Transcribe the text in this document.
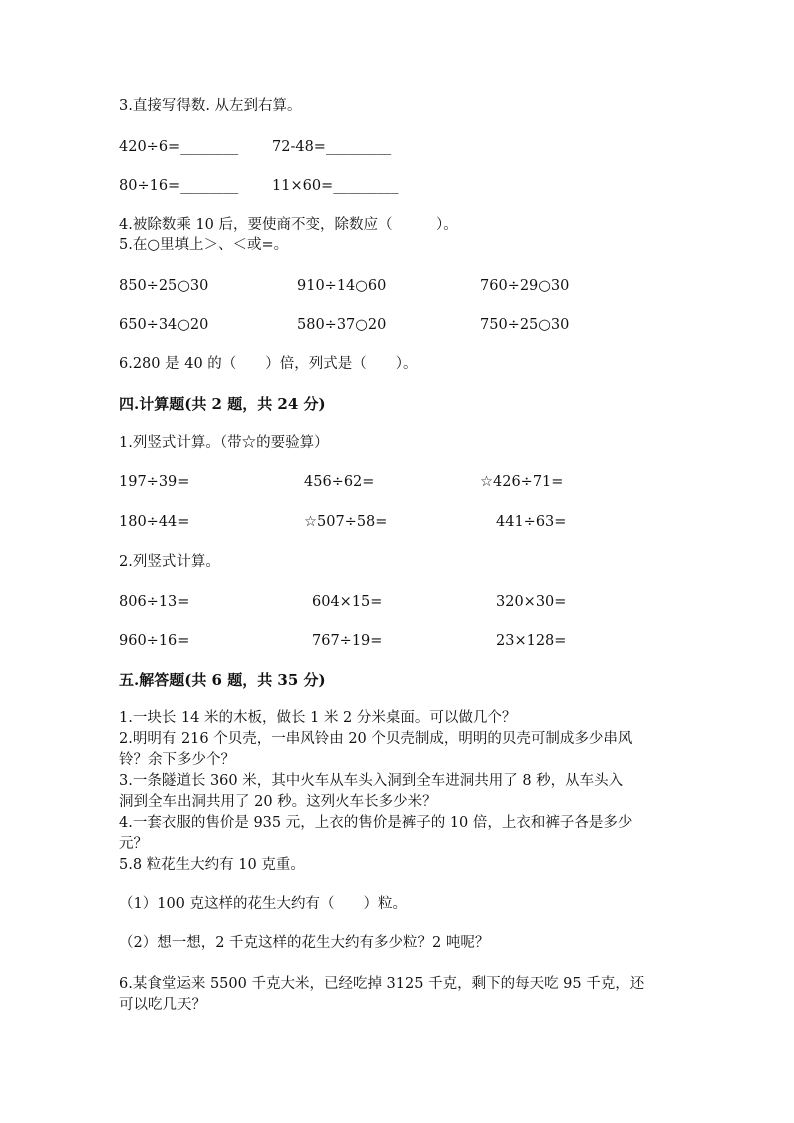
3.直接写得数. 从左到右算。
420÷6=________ 72-48=_________
80÷16=________ 11×60=_________
4.被除数乘 10 后，要使商不变，除数应（　　　）。
5.在○里填上＞、＜或=。
850÷25○30	910÷14○60	760÷29○30
650÷34○20	580÷37○20	750÷25○30
6.280 是 40 的（　　）倍，列式是（　　）。
四.计算题(共 2 题，共 24 分)
1.列竖式计算。（带☆的要验算）
197÷39=	456÷62=	☆426÷71=
180÷44=	☆507÷58=	441÷63=
2.列竖式计算。
806÷13=	604×15=	320×30=
960÷16=	767÷19=	23×128=
五.解答题(共 6 题，共 35 分)
1.一块长 14 米的木板，做长 1 米 2 分米桌面。可以做几个？
2.明明有 216 个贝壳，一串风铃由 20 个贝壳制成，明明的贝壳可制成多少串风
铃？余下多少个？
3.一条隧道长 360 米，其中火车从车头入洞到全车进洞共用了 8 秒，从车头入
洞到全车出洞共用了 20 秒。这列火车长多少米？
4.一套衣服的售价是 935 元，上衣的售价是裤子的 10 倍，上衣和裤子各是多少
元？
5.8 粒花生大约有 10 克重。
（1）100 克这样的花生大约有（　　）粒。
（2）想一想，2 千克这样的花生大约有多少粒？2 吨呢？
6.某食堂运来 5500 千克大米，已经吃掉 3125 千克，剩下的每天吃 95 千克，还
可以吃几天？
